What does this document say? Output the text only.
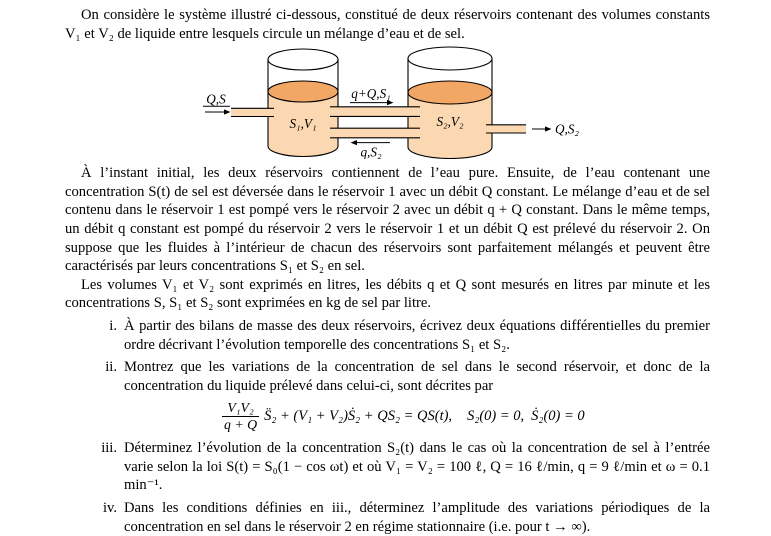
On considère le système illustré ci-dessous, constitué de deux réservoirs contenant des volumes constants V₁ et V₂ de liquide entre lesquels circule un mélange d’eau et de sel.

Q,S	q+Q,S₁
q,S₂
Q,S₂
S₁,V₁	S₂,V₂

À l’instant initial, les deux réservoirs contiennent de l’eau pure. Ensuite, de l’eau contenant une concentration S(t) de sel est déversée dans le réservoir 1 avec un débit Q constant. Le mélange d’eau et de sel contenu dans le réservoir 1 est pompé vers le réservoir 2 avec un débit q + Q constant. Dans le même temps, un débit q constant est pompé du réservoir 2 vers le réservoir 1 et un débit Q est prélevé du réservoir 2. On suppose que les fluides à l’intérieur de chacun des réservoirs sont parfaitement mélangés et peuvent être caractérisés par leurs concentrations S₁ et S₂ en sel.

Les volumes V₁ et V₂ sont exprimés en litres, les débits q et Q sont mesurés en litres par minute et les concentrations S, S₁ et S₂ sont exprimées en kg de sel par litre.

i. À partir des bilans de masse des deux réservoirs, écrivez deux équations différentielles du premier ordre décrivant l’évolution temporelle des concentrations S₁ et S₂.
ii. Montrez que les variations de la concentration de sel dans le second réservoir, et donc de la concentration du liquide prélevé dans celui-ci, sont décrites par
$\frac{\text{V₁V₂}}{q + Q}$ S̈₂ + (V₁ + V₂)Ṡ₂ + QS₂ = QS(t), S₂(0) = 0, Ṡ₂(0) = 0
iii. Déterminez l’évolution de la concentration S₂(t) dans le cas où la concentration de sel à l’entrée varie selon la loi S(t) = S₀(1 − cos ωt) et où V₁ = V₂ = 100 ℓ, Q = 16 ℓ/min, q = 9 ℓ/min et ω = 0.1 min⁻¹.
iv. Dans les conditions définies en iii., déterminez l’amplitude des variations périodiques de la concentration en sel dans le réservoir 2 en régime stationnaire (i.e. pour t → ∞).
